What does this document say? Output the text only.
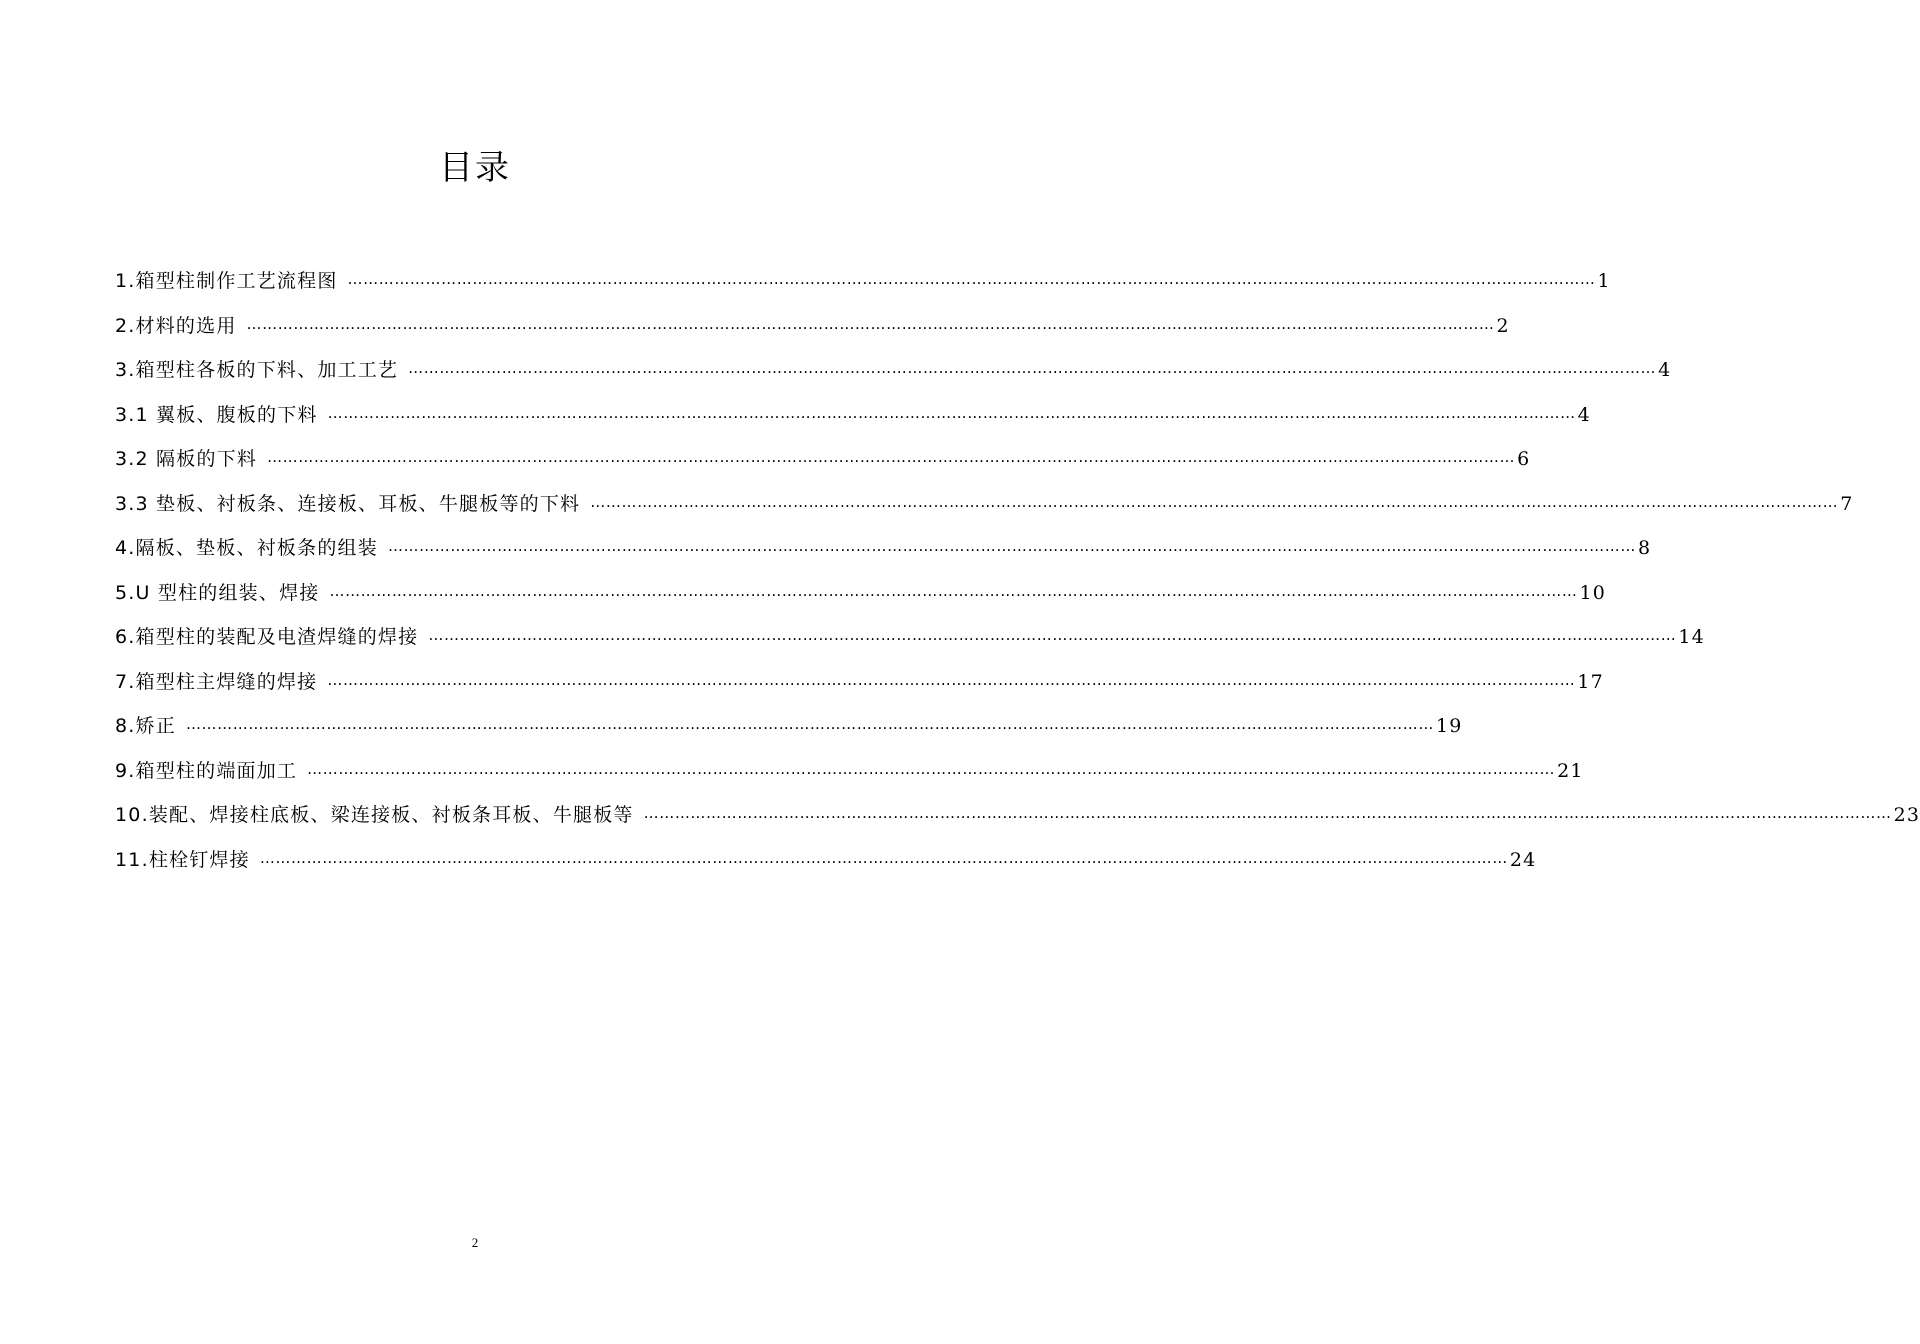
目录
1.箱型柱制作工艺流程图 …………………………………………………………………………………………………………………………………………………………………………………………………………………… 1
2.材料的选用 …………………………………………………………………………………………………………………………………………………………………………………………………………………… 2
3.箱型柱各板的下料、加工工艺 …………………………………………………………………………………………………………………………………………………………………………………………………………………… 4
3.1 翼板、腹板的下料 …………………………………………………………………………………………………………………………………………………………………………………………………………………… 4
3.2 隔板的下料 …………………………………………………………………………………………………………………………………………………………………………………………………………………… 6
3.3 垫板、衬板条、连接板、耳板、牛腿板等的下料 …………………………………………………………………………………………………………………………………………………………………………………………………………………… 7
4.隔板、垫板、衬板条的组装 …………………………………………………………………………………………………………………………………………………………………………………………………………………… 8
5.U 型柱的组装、焊接 …………………………………………………………………………………………………………………………………………………………………………………………………………………… 10
6.箱型柱的装配及电渣焊缝的焊接 …………………………………………………………………………………………………………………………………………………………………………………………………………………… 14
7.箱型柱主焊缝的焊接 …………………………………………………………………………………………………………………………………………………………………………………………………………………… 17
8.矫正 …………………………………………………………………………………………………………………………………………………………………………………………………………………… 19
9.箱型柱的端面加工 …………………………………………………………………………………………………………………………………………………………………………………………………………………… 21
10.装配、焊接柱底板、梁连接板、衬板条耳板、牛腿板等 …………………………………………………………………………………………………………………………………………………………………………………………………………………… 23
11.柱栓钉焊接 …………………………………………………………………………………………………………………………………………………………………………………………………………………… 24
2
